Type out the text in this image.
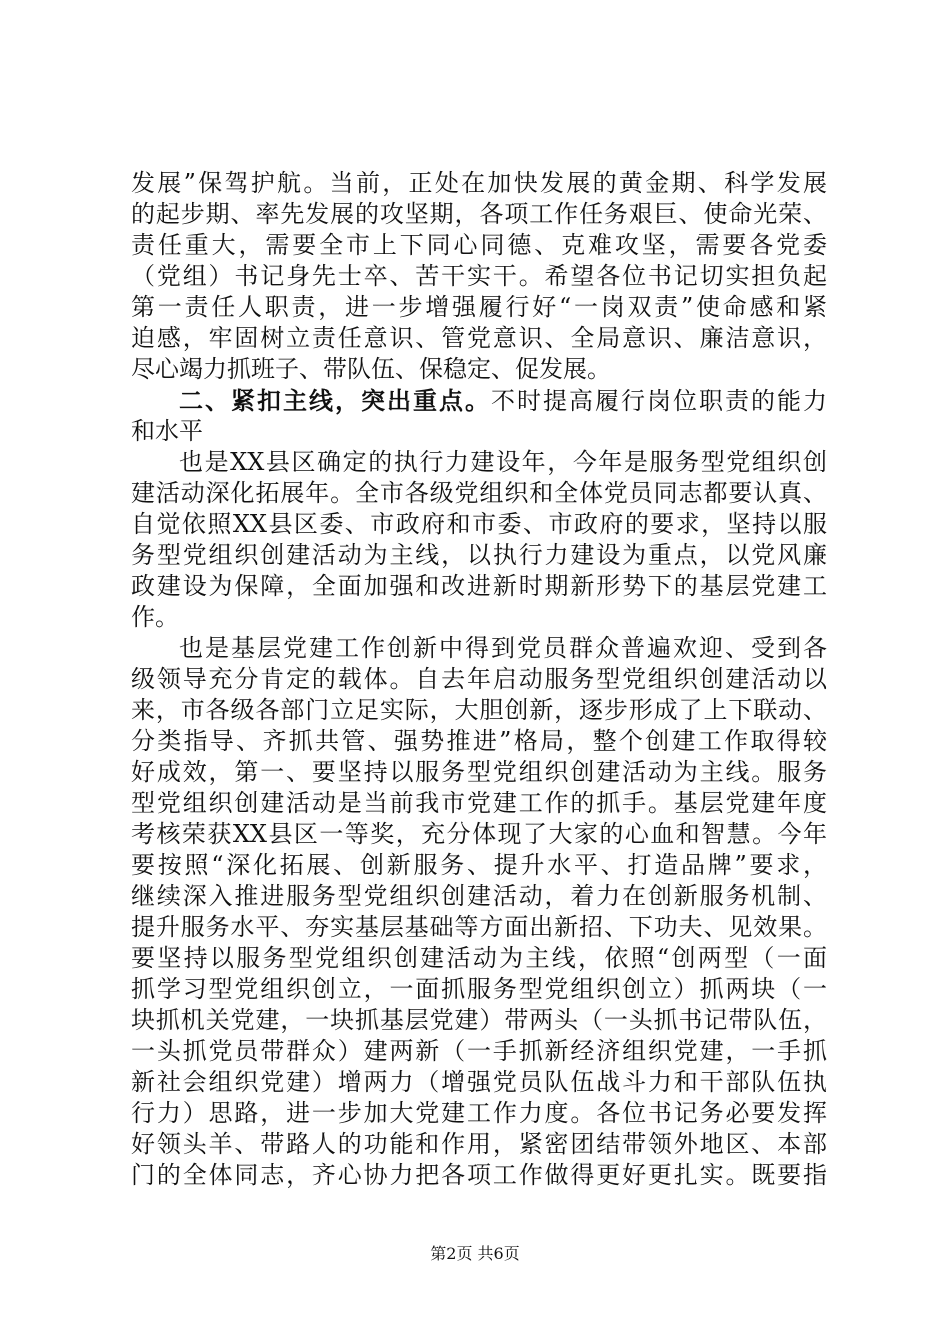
发展”保驾护航。当前，正处在加快发展的黄金期、科学发展
的起步期、率先发展的攻坚期，各项工作任务艰巨、使命光荣、
责任重大，需要全市上下同心同德、克难攻坚，需要各党委
（党组）书记身先士卒、苦干实干。希望各位书记切实担负起
第一责任人职责，进一步增强履行好“一岗双责”使命感和紧
迫感，牢固树立责任意识、管党意识、全局意识、廉洁意识，
尽心竭力抓班子、带队伍、保稳定、促发展。
二、紧扣主线，突出重点。不时提高履行岗位职责的能力
和水平
也是XX县区确定的执行力建设年，今年是服务型党组织创
建活动深化拓展年。全市各级党组织和全体党员同志都要认真、
自觉依照XX县区委、市政府和市委、市政府的要求，坚持以服
务型党组织创建活动为主线，以执行力建设为重点，以党风廉
政建设为保障，全面加强和改进新时期新形势下的基层党建工
作。
也是基层党建工作创新中得到党员群众普遍欢迎、受到各
级领导充分肯定的载体。自去年启动服务型党组织创建活动以
来，市各级各部门立足实际，大胆创新，逐步形成了上下联动、
分类指导、齐抓共管、强势推进”格局，整个创建工作取得较
好成效，第一、要坚持以服务型党组织创建活动为主线。服务
型党组织创建活动是当前我市党建工作的抓手。基层党建年度
考核荣获XX县区一等奖，充分体现了大家的心血和智慧。今年
要按照“深化拓展、创新服务、提升水平、打造品牌”要求，
继续深入推进服务型党组织创建活动，着力在创新服务机制、
提升服务水平、夯实基层基础等方面出新招、下功夫、见效果。
要坚持以服务型党组织创建活动为主线，依照“创两型（一面
抓学习型党组织创立，一面抓服务型党组织创立）抓两块（一
块抓机关党建，一块抓基层党建）带两头（一头抓书记带队伍，
一头抓党员带群众）建两新（一手抓新经济组织党建，一手抓
新社会组织党建）增两力（增强党员队伍战斗力和干部队伍执
行力）思路，进一步加大党建工作力度。各位书记务必要发挥
好领头羊、带路人的功能和作用，紧密团结带领外地区、本部
门的全体同志，齐心协力把各项工作做得更好更扎实。既要指
第2页 共6页
